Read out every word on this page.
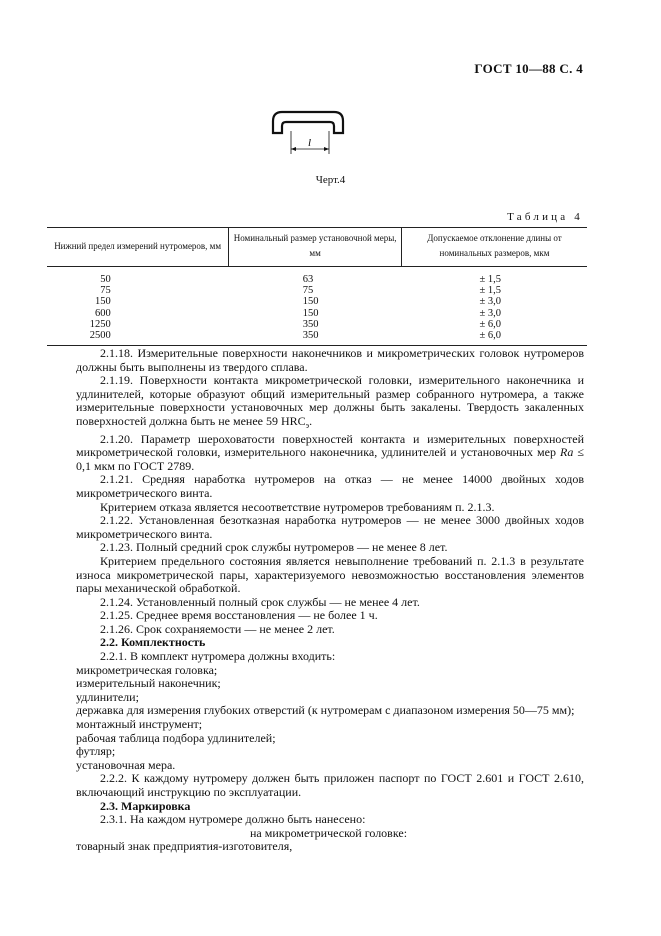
ГОСТ 10—88 С. 4
l
Черт.4
Таблица 4
Нижний предел измерений нутромеров, мм	Номинальный размер установочной меры, мм	Допускаемое отклонение длины от номинальных размеров, мкм
50	63	± 1,5
75	75	± 1,5
150	150	± 3,0
600	150	± 3,0
1250	350	± 6,0
2500	350	± 6,0

2.1.18. Измерительные поверхности наконечников и микрометрических головок нутромеров должны быть выполнены из твердого сплава.

2.1.19. Поверхности контакта микрометрической головки, измерительного наконечника и удлинителей, которые образуют общий измерительный размер собранного нутромера, а также измерительные поверхности установочных мер должны быть закалены. Твердость закаленных поверхностей должна быть не менее 59 $HRC_э$.

2.1.20. Параметр шероховатости поверхностей контакта и измерительных поверхностей микрометрической головки, измерительного наконечника, удлинителей и установочных мер Ra ≤ 0,1 мкм по ГОСТ 2789.

2.1.21. Средняя наработка нутромеров на отказ — не менее 14000 двойных ходов микрометрического винта.

Критерием отказа является несоответствие нутромеров требованиям п. 2.1.3.

2.1.22. Установленная безотказная наработка нутромеров — не менее 3000 двойных ходов микрометрического винта.

2.1.23. Полный средний срок службы нутромеров — не менее 8 лет.

Критерием предельного состояния является невыполнение требований п. 2.1.3 в результате износа микрометрической пары, характеризуемого невозможностью восстановления элементов пары механической обработкой.

2.1.24. Установленный полный срок службы — не менее 4 лет.

2.1.25. Среднее время восстановления — не более 1 ч.

2.1.26. Срок сохраняемости — не менее 2 лет.

2.2. Комплектность

2.2.1. В комплект нутромера должны входить:

микрометрическая головка;

измерительный наконечник;

удлинители;

державка для измерения глубоких отверстий (к нутромерам с диапазоном измерения 50—75 мм);

монтажный инструмент;

рабочая таблица подбора удлинителей;

футляр;

установочная мера.

2.2.2. К каждому нутромеру должен быть приложен паспорт по ГОСТ 2.601 и ГОСТ 2.610, включающий инструкцию по эксплуатации.

2.3. Маркировка

2.3.1. На каждом нутромере должно быть нанесено:

на микрометрической головке:

товарный знак предприятия-изготовителя,
